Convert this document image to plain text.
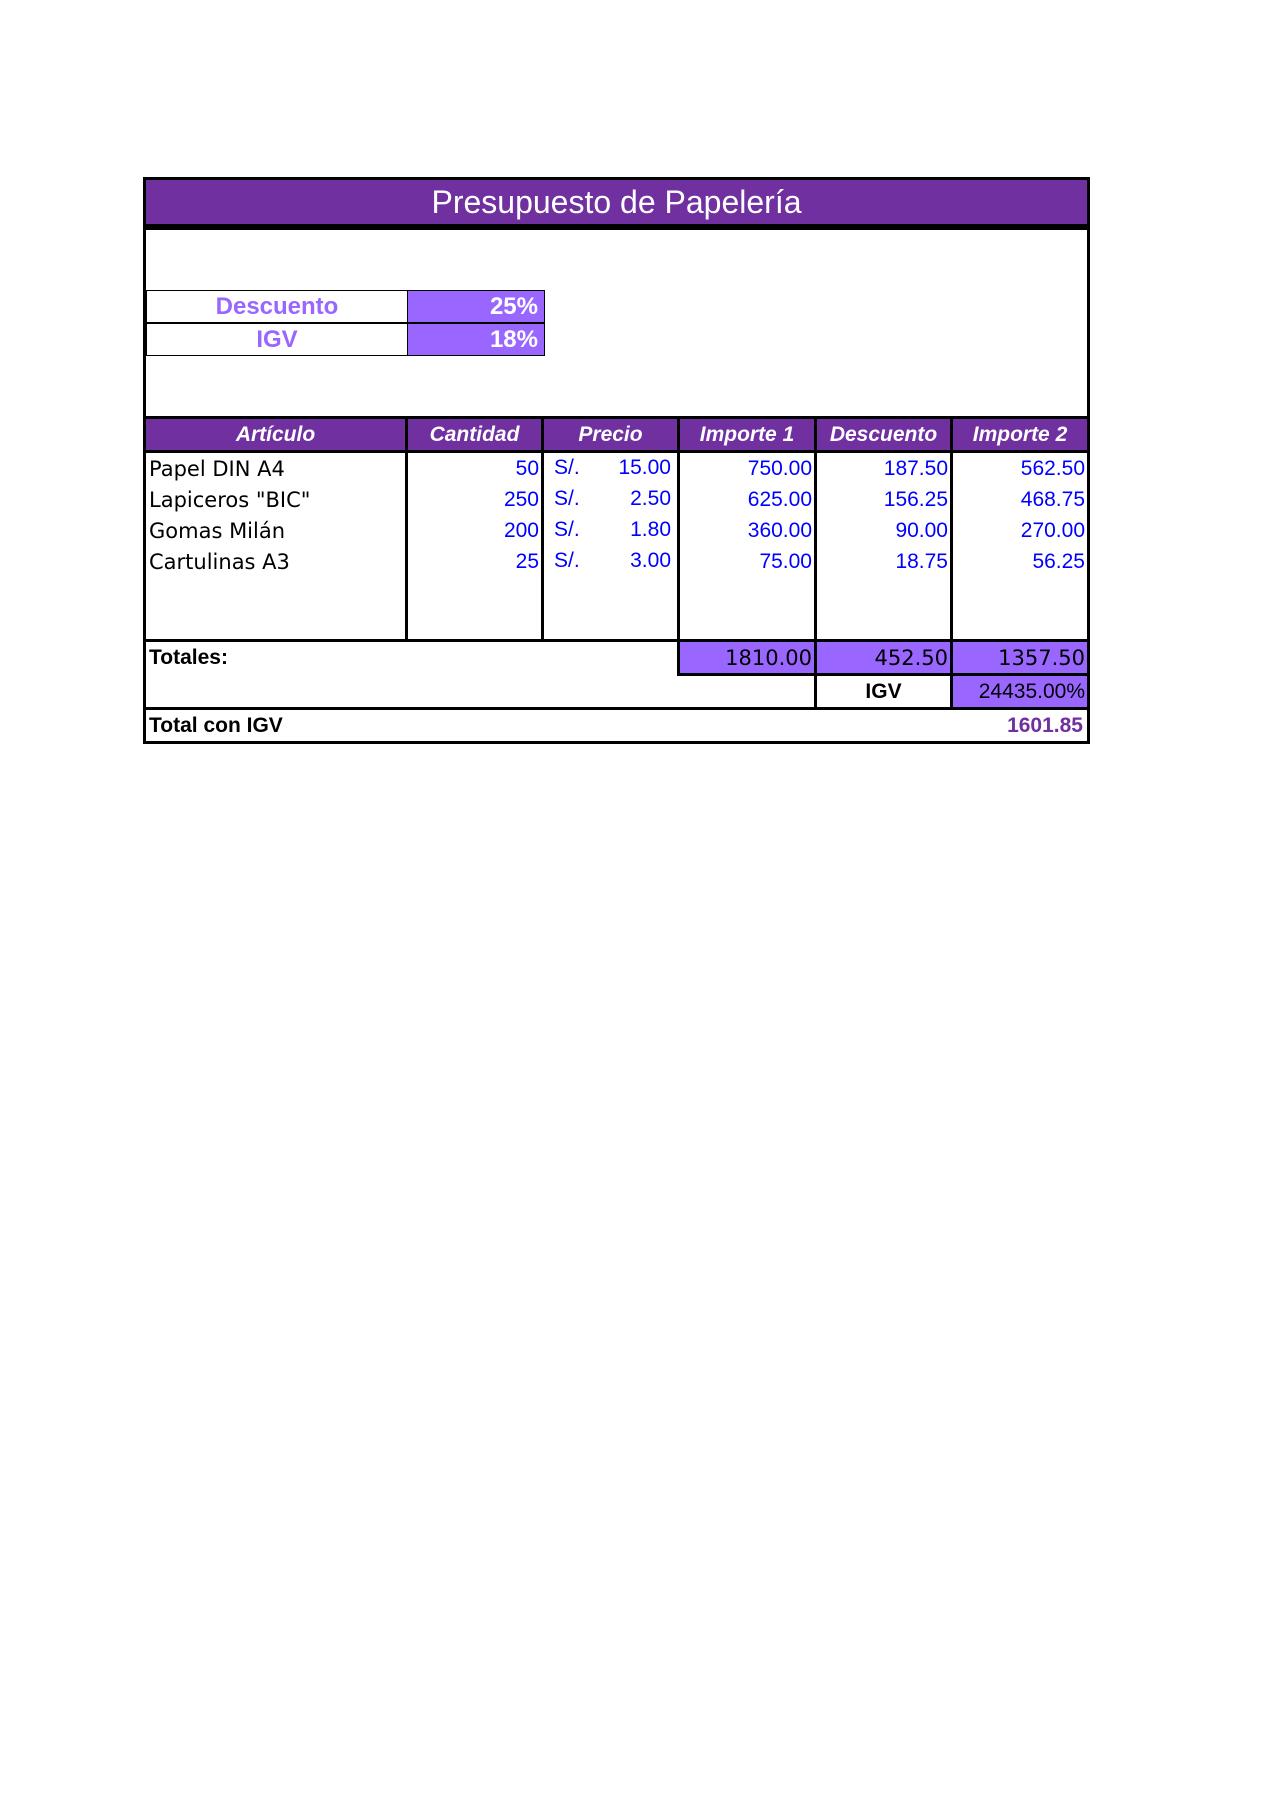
Presupuesto de Papelería
Descuento	25%
IGV	18%
Artículo	Cantidad	Precio	Importe 1	Descuento	Importe 2
Papel DIN A4	50	S/. 15.00	750.00	187.50	562.50
Lapiceros "BIC"	250	S/. 2.50	625.00	156.25	468.75
Gomas Milán	200	S/. 1.80	360.00	90.00	270.00
Cartulinas A3	25	S/. 3.00	75.00	18.75	56.25

Totales:			1810.00	452.50	1357.50
				IGV	24435.00%
Total con IGV					1601.85
